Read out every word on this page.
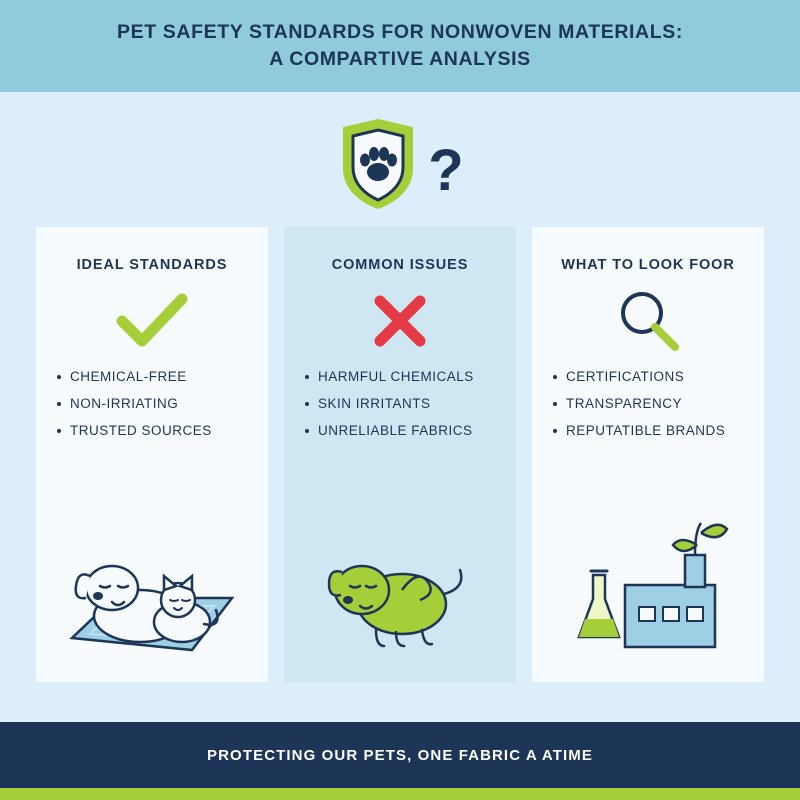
PET SAFETY STANDARDS FOR NONWOVEN MATERIALS:
A COMPARTIVE ANALYSIS
?
IDEAL STANDARDS
CHEMICAL-FREE
NON-IRRIATING
TRUSTED SOURCES
COMMON ISSUES
HARMFUL CHEMICALS
SKIN IRRITANTS
UNRELIABLE FABRICS
WHAT TO LOOK FOOR
CERTIFICATIONS
TRANSPARENCY
REPUTATIBLE BRANDS
PROTECTING OUR PETS, ONE FABRIC A ATIME
